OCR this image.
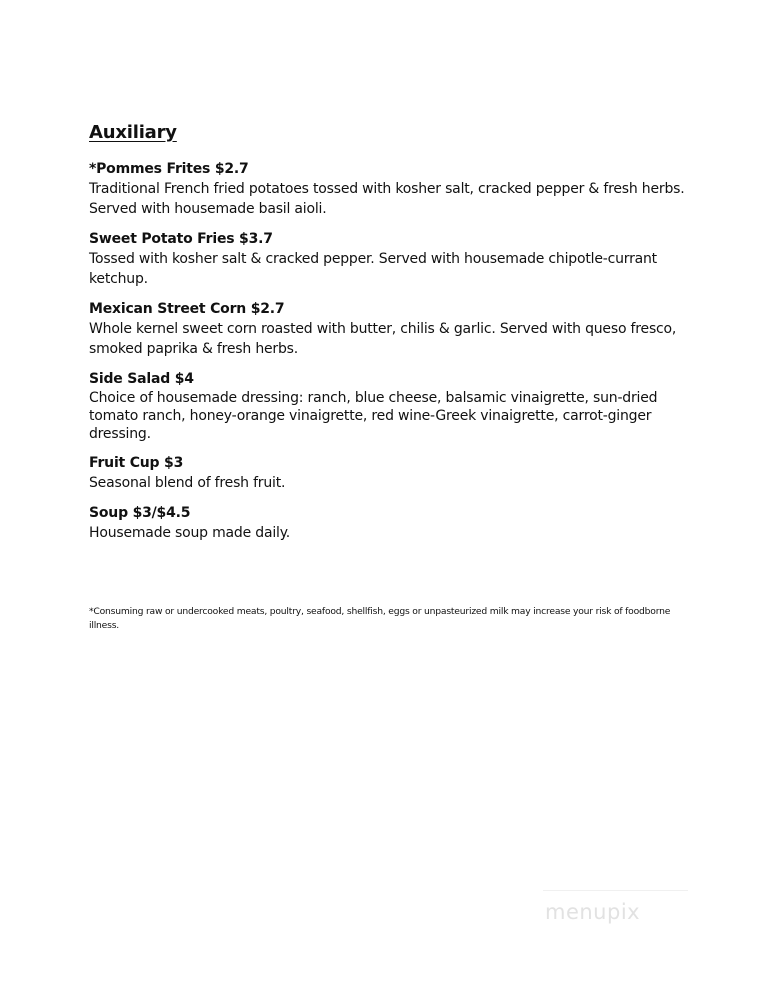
Auxiliary
*Pommes Frites $2.7
Traditional French fried potatoes tossed with kosher salt, cracked pepper & fresh herbs. Served with housemade basil aioli.
Sweet Potato Fries $3.7
Tossed with kosher salt & cracked pepper. Served with housemade chipotle-currant ketchup.
Mexican Street Corn $2.7
Whole kernel sweet corn roasted with butter, chilis & garlic. Served with queso fresco, smoked paprika & fresh herbs.
Side Salad $4
Choice of housemade dressing: ranch, blue cheese, balsamic vinaigrette, sun-dried tomato ranch, honey-orange vinaigrette, red wine-Greek vinaigrette, carrot-ginger dressing.
Fruit Cup $3
Seasonal blend of fresh fruit.
Soup $3/$4.5
Housemade soup made daily.
*Consuming raw or undercooked meats, poultry, seafood, shellfish, eggs or unpasteurized milk may increase your risk of foodborne illness.
menupix
